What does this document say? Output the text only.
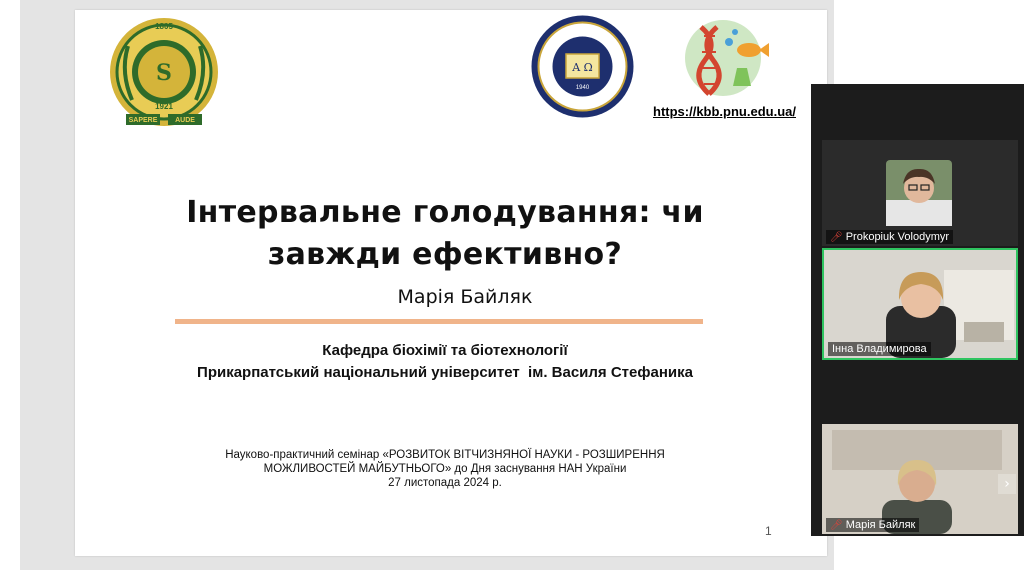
S
1805
1921
SAPERE	AUDE
Α Ω
1940
https://kbb.pnu.edu.ua/
Інтервальне голодування: чи
завжди ефективно?
Марія Байляк
Кафедра біохімії та біотехнології
Прикарпатський національний університет  ім. Василя Стефаника
Науково-практичний семінар «РОЗВИТОК ВІТЧИЗНЯНОЇ НАУКИ - РОЗШИРЕННЯ
МОЖЛИВОСТЕЙ МАЙБУТНЬОГО» до Дня заснування НАН України
27 листопада 2024 р.
1
🎤︎ Prokopiuk Volodymyr
Інна Владимирова
🎤︎ Марія Байляк
›
